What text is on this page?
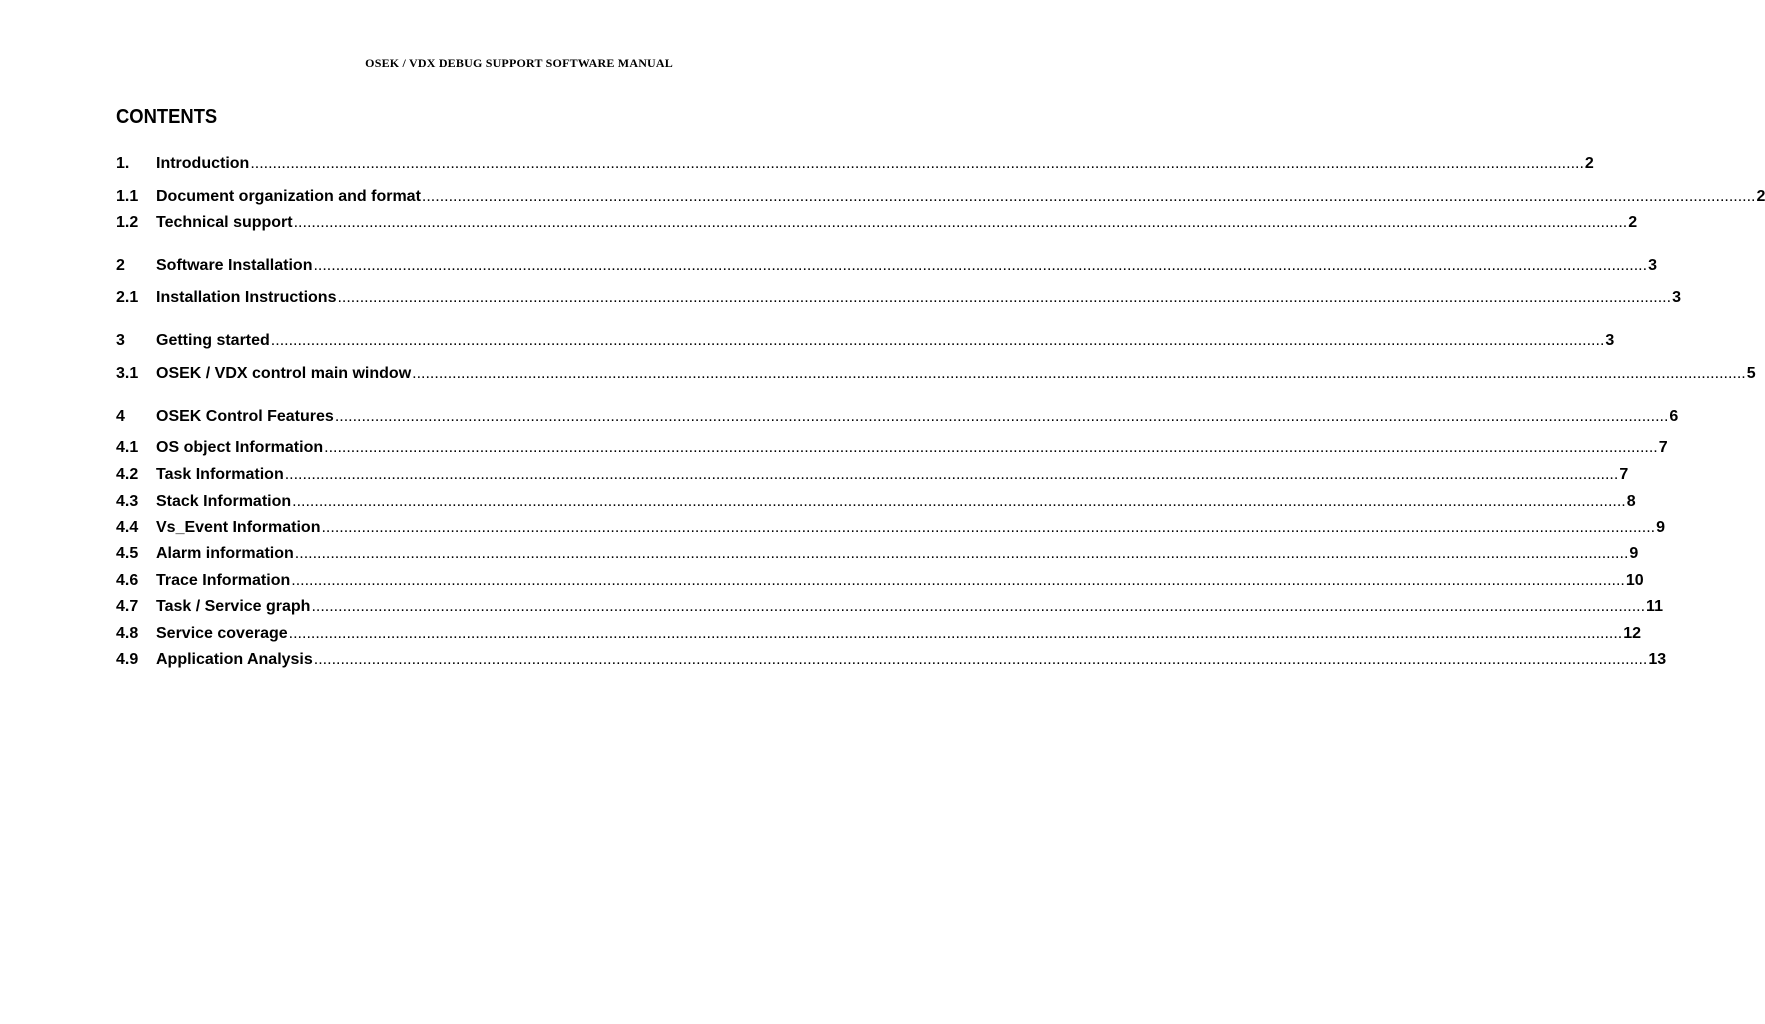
OSEK / VDX DEBUG SUPPORT SOFTWARE MANUAL
CONTENTS
1.	Introduction ............................................................................................................................................................................................................................................................................................................ 2
1.1	Document organization and format ............................................................................................................................................................................................................................................................................................................ 2
1.2	Technical support ............................................................................................................................................................................................................................................................................................................ 2
2	Software Installation ............................................................................................................................................................................................................................................................................................................ 3
2.1	Installation Instructions ............................................................................................................................................................................................................................................................................................................ 3
3	Getting started ............................................................................................................................................................................................................................................................................................................ 3
3.1	OSEK / VDX control main window ............................................................................................................................................................................................................................................................................................................ 5
4	OSEK Control Features ............................................................................................................................................................................................................................................................................................................ 6
4.1	OS object Information ............................................................................................................................................................................................................................................................................................................ 7
4.2	Task Information ............................................................................................................................................................................................................................................................................................................ 7
4.3	Stack Information ............................................................................................................................................................................................................................................................................................................ 8
4.4	Vs_Event Information ............................................................................................................................................................................................................................................................................................................ 9
4.5	Alarm information ............................................................................................................................................................................................................................................................................................................ 9
4.6	Trace Information ............................................................................................................................................................................................................................................................................................................ 10
4.7	Task / Service graph ............................................................................................................................................................................................................................................................................................................ 11
4.8	Service coverage ............................................................................................................................................................................................................................................................................................................ 12
4.9	Application Analysis ............................................................................................................................................................................................................................................................................................................ 13
